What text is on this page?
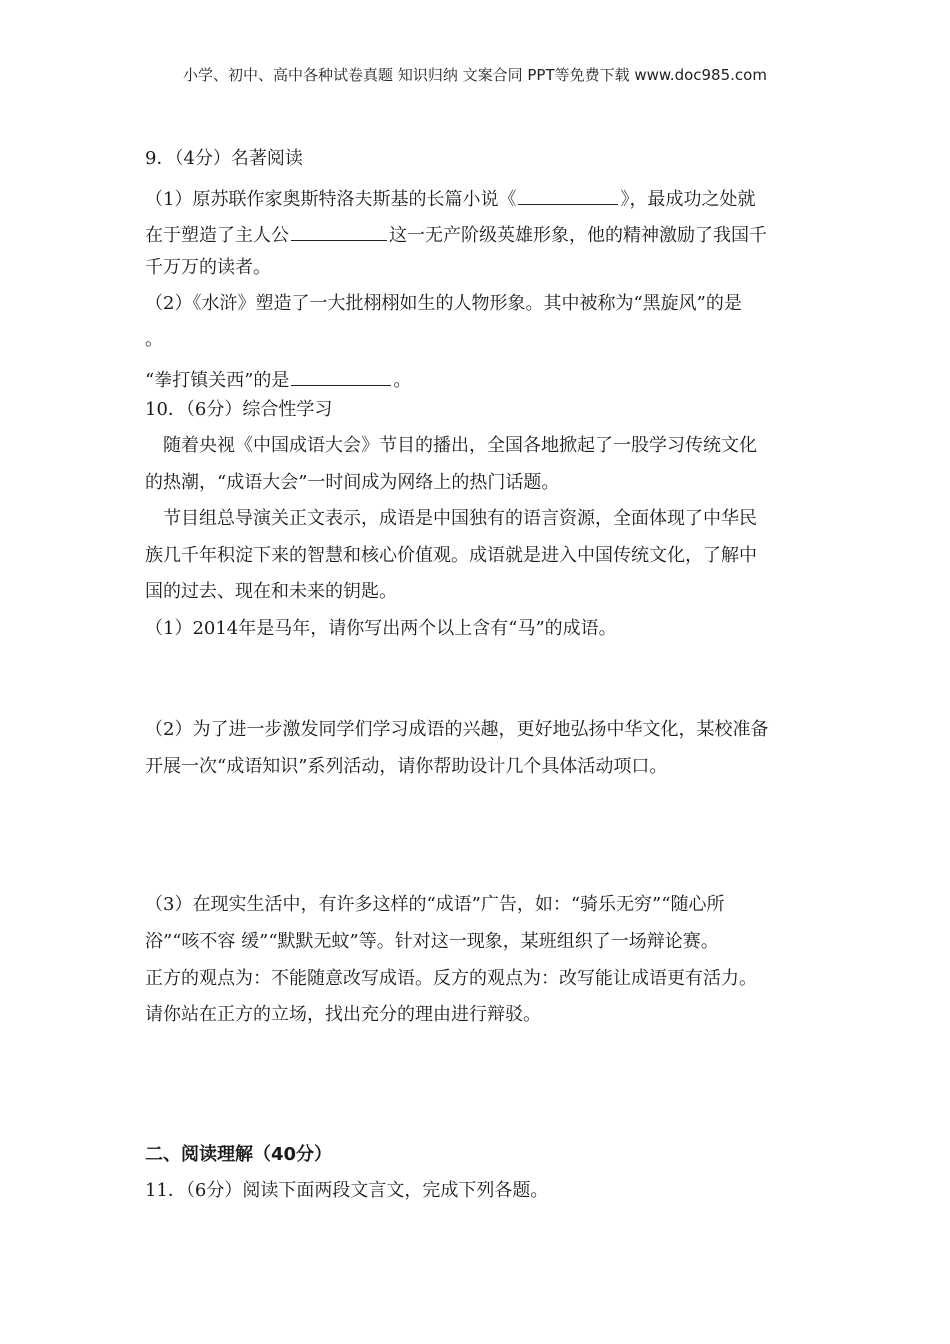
小学、初中、高中各种试卷真题 知识归纳 文案合同 PPT等免费下载 www.doc985.com
9．（4分）名著阅读
（1）原苏联作家奥斯特洛夫斯基的长篇小说《	》，最成功之处就
在于塑造了主人公	这一无产阶级英雄形象，他的精神激励了我国千
千万万的读者。
（2）《水浒》塑造了一大批栩栩如生的人物形象。其中被称为“黑旋风”的是
。
“拳打镇关西”的是	。
10．（6分）综合性学习
随着央视《中国成语大会》节目的播出，全国各地掀起了一股学习传统文化
的热潮，“成语大会”一时间成为网络上的热门话题。
节目组总导演关正文表示，成语是中国独有的语言资源，全面体现了中华民
族几千年积淀下来的智慧和核心价值观。成语就是进入中国传统文化，了解中
国的过去、现在和未来的钥匙。
（1）2014年是马年，请你写出两个以上含有“马”的成语。
（2）为了进一步激发同学们学习成语的兴趣，更好地弘扬中华文化，某校准备
开展一次“成语知识”系列活动，请你帮助设计几个具体活动项口。
（3）在现实生活中，有许多这样的“成语”广告，如：“骑乐无穷”“随心所
浴”“咳不容 缓”“默默无蚊”等。针对这一现象，某班组织了一场辩论赛。
正方的观点为：不能随意改写成语。反方的观点为：改写能让成语更有活力。
请你站在正方的立场，找出充分的理由进行辩驳。
二、阅读理解（40分）
11．（6分）阅读下面两段文言文，完成下列各题。
